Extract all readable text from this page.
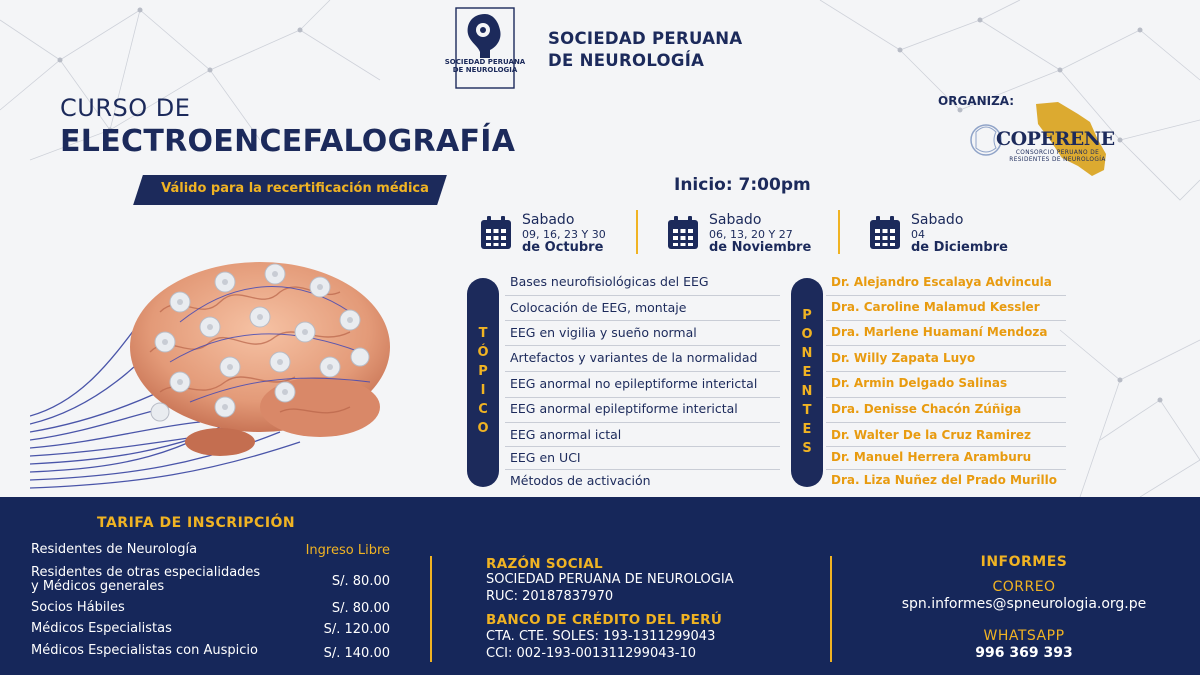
SOCIEDAD PERUANA
DE NEUROLOGIA
SOCIEDAD PERUANA
DE NEUROLOGÍA
CURSO DE
ELECTROENCEFALOGRAFÍA
Válido para la recertificación médica
ORGANIZA:
COPERENE
CONSORCIO PERUANO DE RESIDENTES DE NEUROLOGÍA
Inicio: 7:00pm
Sabado
09, 16, 23 Y 30
de Octubre
Sabado
06, 13, 20 Y 27
de Noviembre
Sabado
04
de Diciembre
T
Ó
P
I
C
O
P
O
N
E
N
T
E
S
Bases neurofisiológicas del EEG
Colocación de EEG, montaje
EEG en vigilia y sueño normal
Artefactos y variantes de la normalidad
EEG anormal no epileptiforme interictal
EEG anormal epileptiforme interictal
EEG anormal ictal
EEG en UCI
Métodos de activación
Dr. Alejandro Escalaya Advincula
Dra. Caroline Malamud Kessler
Dra. Marlene Huamaní Mendoza
Dr. Willy Zapata Luyo
Dr. Armin Delgado Salinas
Dra. Denisse Chacón Zúñiga
Dr. Walter De la Cruz Ramirez
Dr. Manuel Herrera Aramburu
Dra. Liza Nuñez del Prado Murillo
TARIFA DE INSCRIPCIÓN
Residentes de Neurología	Ingreso Libre
Residentes de otras especialidades
y Médicos generales	S/. 80.00
Socios Hábiles	S/. 80.00
Médicos Especialistas	S/. 120.00
Médicos Especialistas con Auspicio	S/. 140.00
RAZÓN SOCIAL
SOCIEDAD PERUANA DE NEUROLOGIA
RUC: 20187837970
BANCO DE CRÉDITO DEL PERÚ
CTA. CTE. SOLES: 193-1311299043
CCI: 002-193-001311299043-10
INFORMES
CORREO
spn.informes@spneurologia.org.pe
WHATSAPP
996 369 393
